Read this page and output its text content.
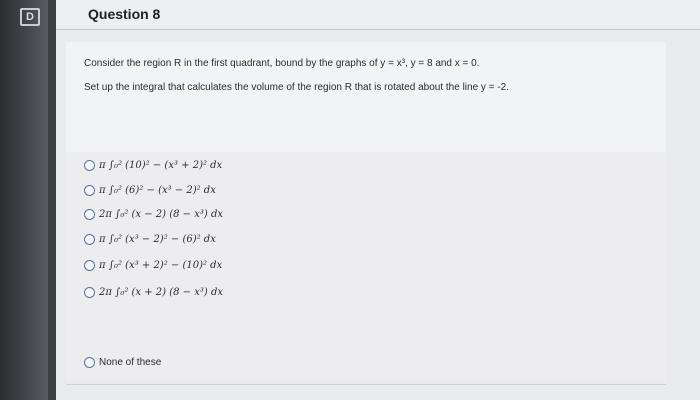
D	Question 8
Consider the region R in the first quadrant, bound by the graphs of y = x³, y = 8 and x = 0.
Set up the integral that calculates the volume of the region R that is rotated about the line y = -2.
π ∫₀² (10)² − (x³ + 2)² dx
π ∫₀² (6)² − (x³ − 2)² dx
2π ∫₀² (x − 2) (8 − x³) dx
π ∫₀² (x³ − 2)² − (6)² dx
π ∫₀² (x³ + 2)² − (10)² dx
2π ∫₀² (x + 2) (8 − x³) dx
None of these
